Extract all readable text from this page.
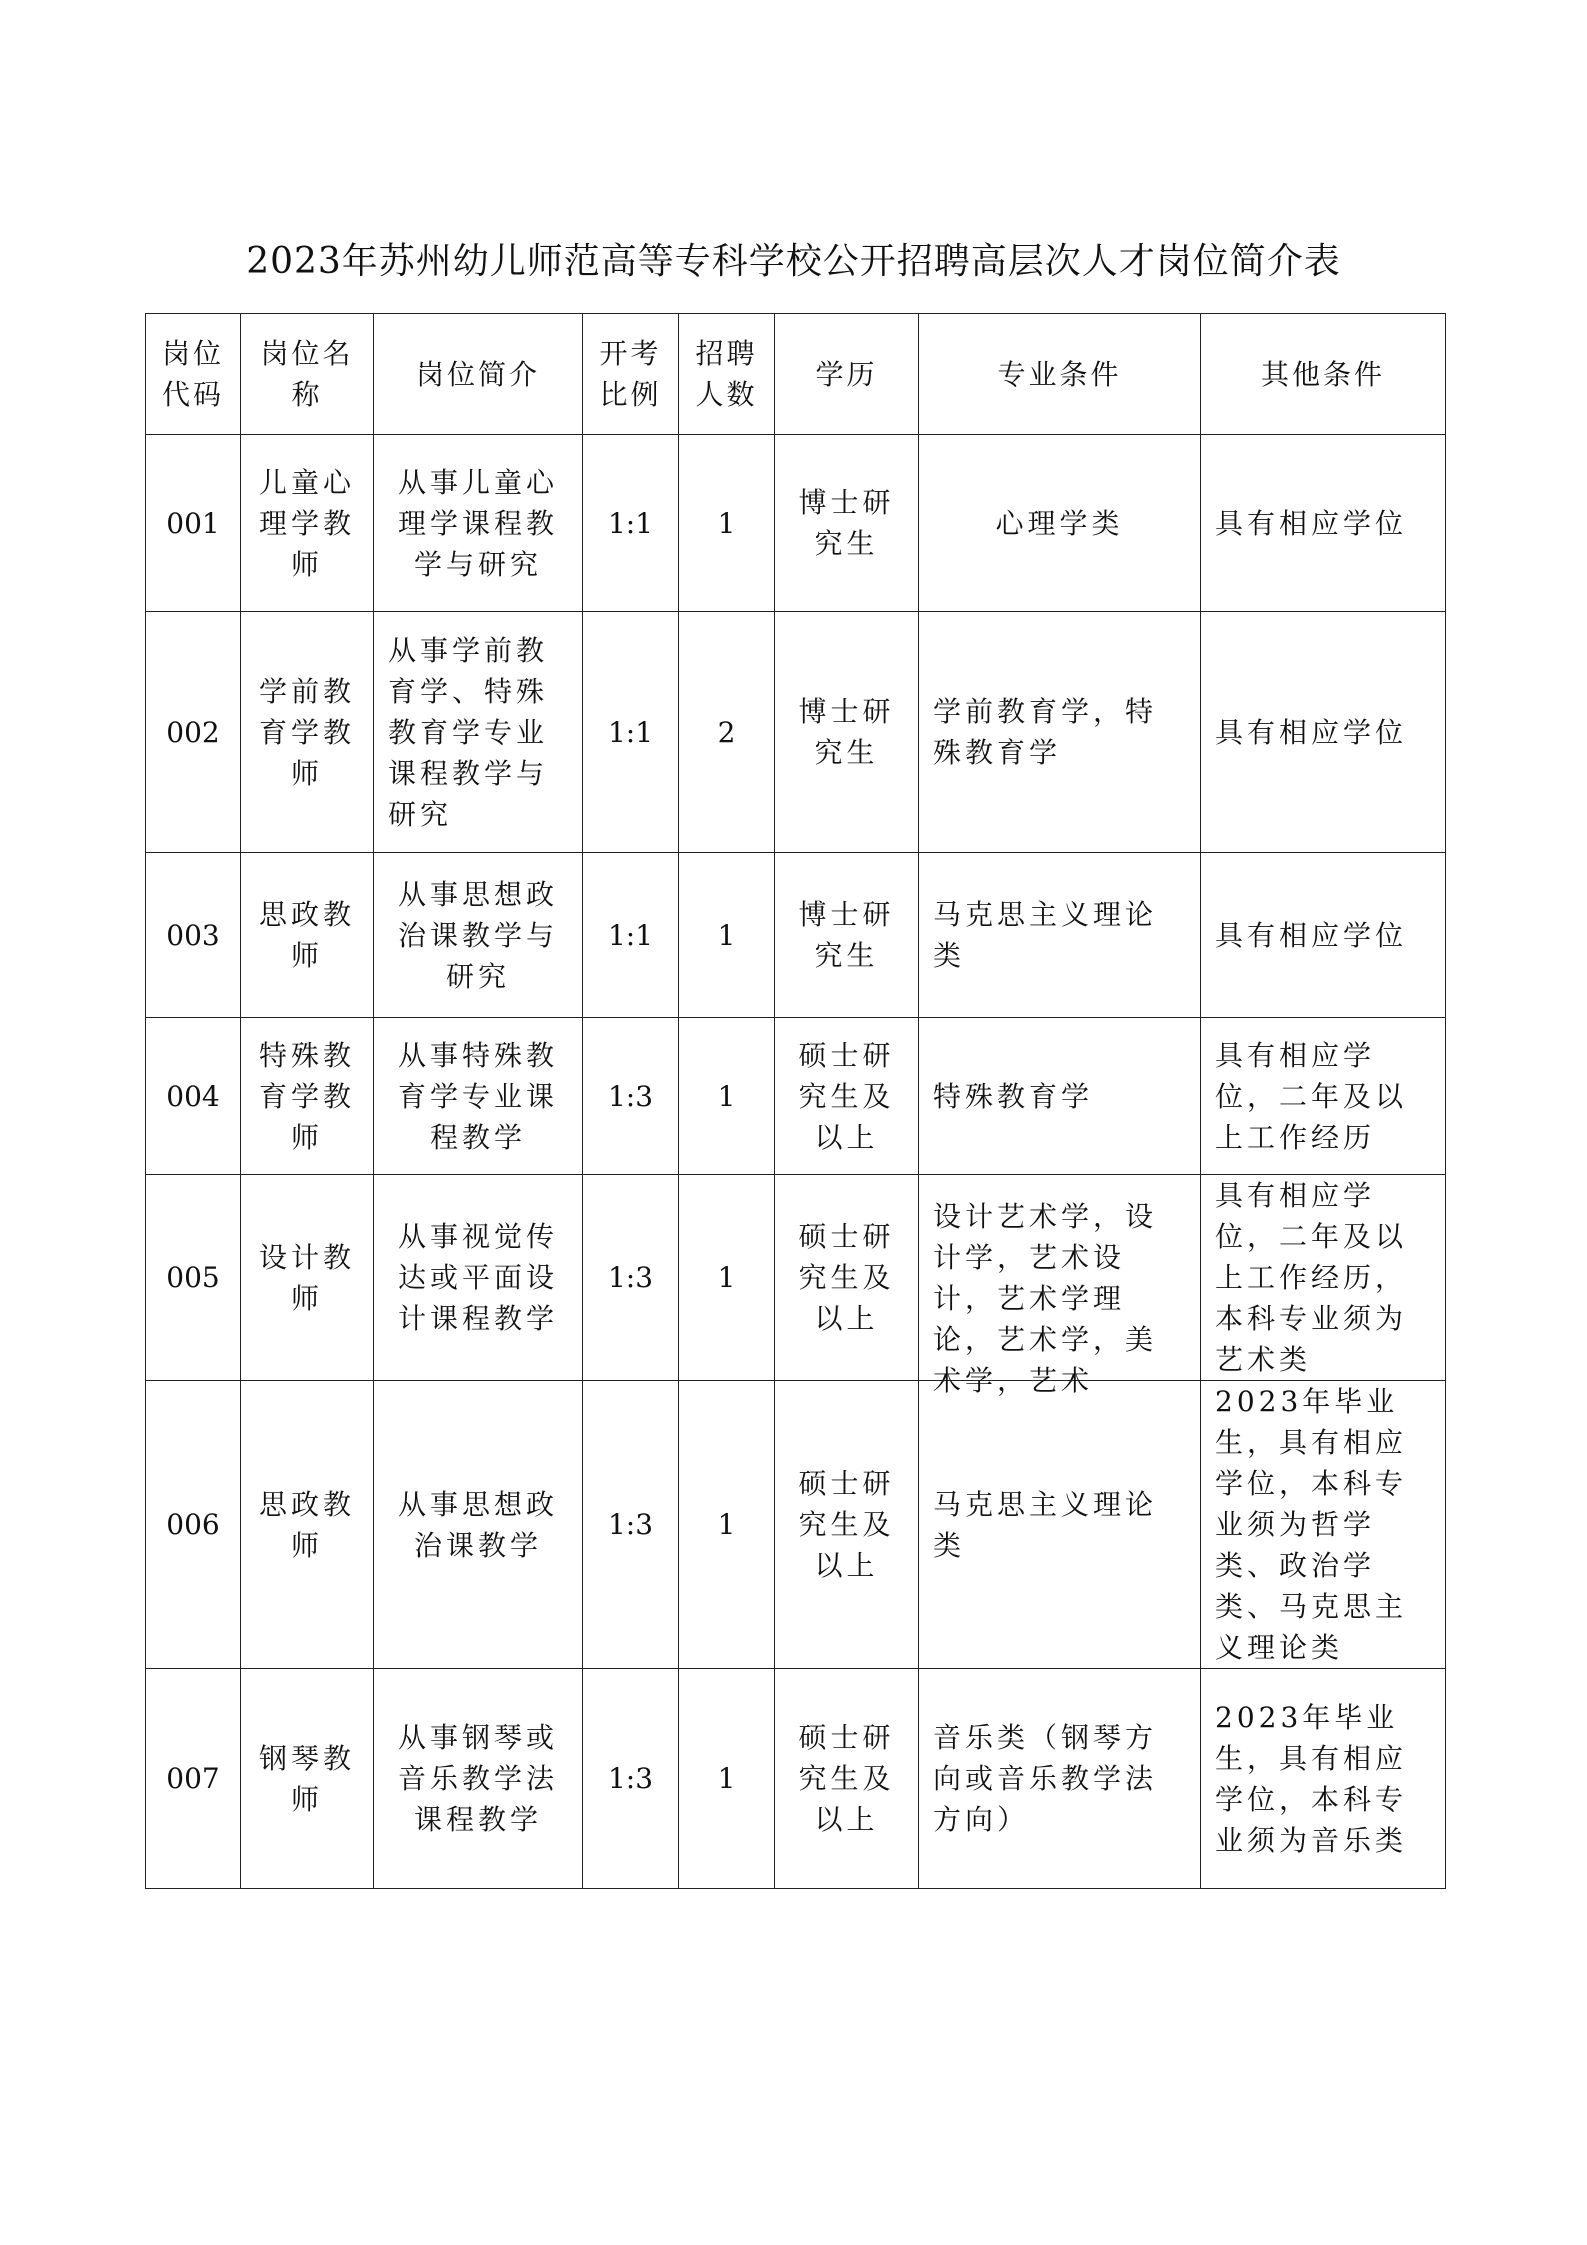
2023年苏州幼儿师范高等专科学校公开招聘高层次人才岗位简介表
岗位代码	岗位名称	岗位简介	开考比例	招聘人数	学历	专业条件	其他条件
001	儿童心理学教师	从事儿童心理学课程教学与研究	1:1	1	博士研究生	心理学类	具有相应学位
002	学前教育学教师	从事学前教育学、特殊教育学专业课程教学与研究	1:1	2	博士研究生	学前教育学，特殊教育学	具有相应学位
003	思政教师	从事思想政治课教学与研究	1:1	1	博士研究生	马克思主义理论类	具有相应学位
004	特殊教育学教师	从事特殊教育学专业课程教学	1:3	1	硕士研究生及以上	特殊教育学	具有相应学位，二年及以上工作经历
005	设计教师	从事视觉传达或平面设计课程教学	1:3	1	硕士研究生及以上	设计艺术学，设计学，艺术设计，艺术学理论，艺术学，美术学，艺术	具有相应学位，二年及以上工作经历，本科专业须为艺术类
006	思政教师	从事思想政治课教学	1:3	1	硕士研究生及以上	马克思主义理论类	2023年毕业生，具有相应学位，本科专业须为哲学类、政治学类、马克思主义理论类
007	钢琴教师	从事钢琴或音乐教学法课程教学	1:3	1	硕士研究生及以上	音乐类（钢琴方向或音乐教学法方向）	2023年毕业生，具有相应学位，本科专业须为音乐类
